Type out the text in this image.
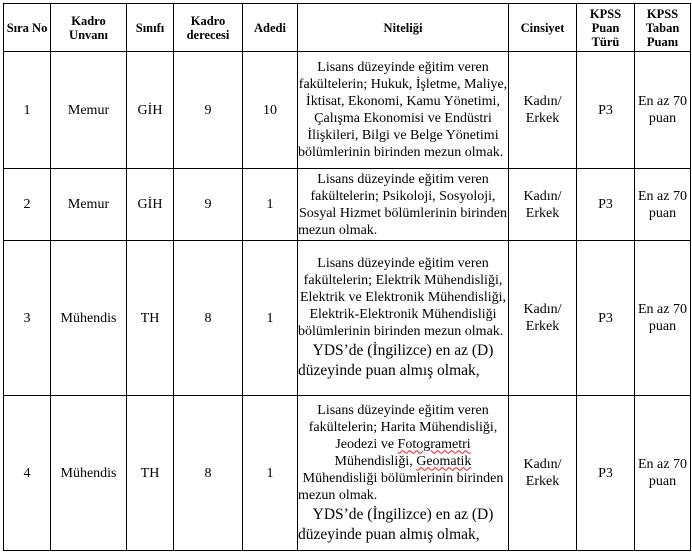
Sıra No	Kadro Unvanı	Sınıfı	Kadro derecesi	Adedi	Niteliği	Cinsiyet	KPSS Puan Türü	KPSS Taban Puanı
1	Memur	GİH	9	10	Lisans düzeyinde eğitim veren fakültelerin; Hukuk, İşletme, Maliye, İktisat, Ekonomi, Kamu Yönetimi, Çalışma Ekonomisi ve Endüstri İlişkileri, Bilgi ve Belge Yönetimi bölümlerinin birinden mezun olmak.	Kadın/ Erkek	P3	En az 70 puan
2	Memur	GİH	9	1	Lisans düzeyinde eğitim veren fakültelerin; Psikoloji, Sosyoloji, Sosyal Hizmet bölümlerinin birinden mezun olmak.	Kadın/ Erkek	P3	En az 70 puan
3	Mühendis	TH	8	1	Lisans düzeyinde eğitim veren fakültelerin; Elektrik Mühendisliği, Elektrik ve Elektronik Mühendisliği, Elektrik-Elektronik Mühendisliği bölümlerinin birinden mezun olmak.
YDS’de (İngilizce) en az (D) düzeyinde puan almış olmak,	Kadın/ Erkek	P3	En az 70 puan
4	Mühendis	TH	8	1	Lisans düzeyinde eğitim veren fakültelerin; Harita Mühendisliği, Jeodezi ve Fotogrametri Mühendisliği, Geomatik Mühendisliği bölümlerinin birinden mezun olmak.
YDS’de (İngilizce) en az (D) düzeyinde puan almış olmak,	Kadın/ Erkek	P3	En az 70 puan
